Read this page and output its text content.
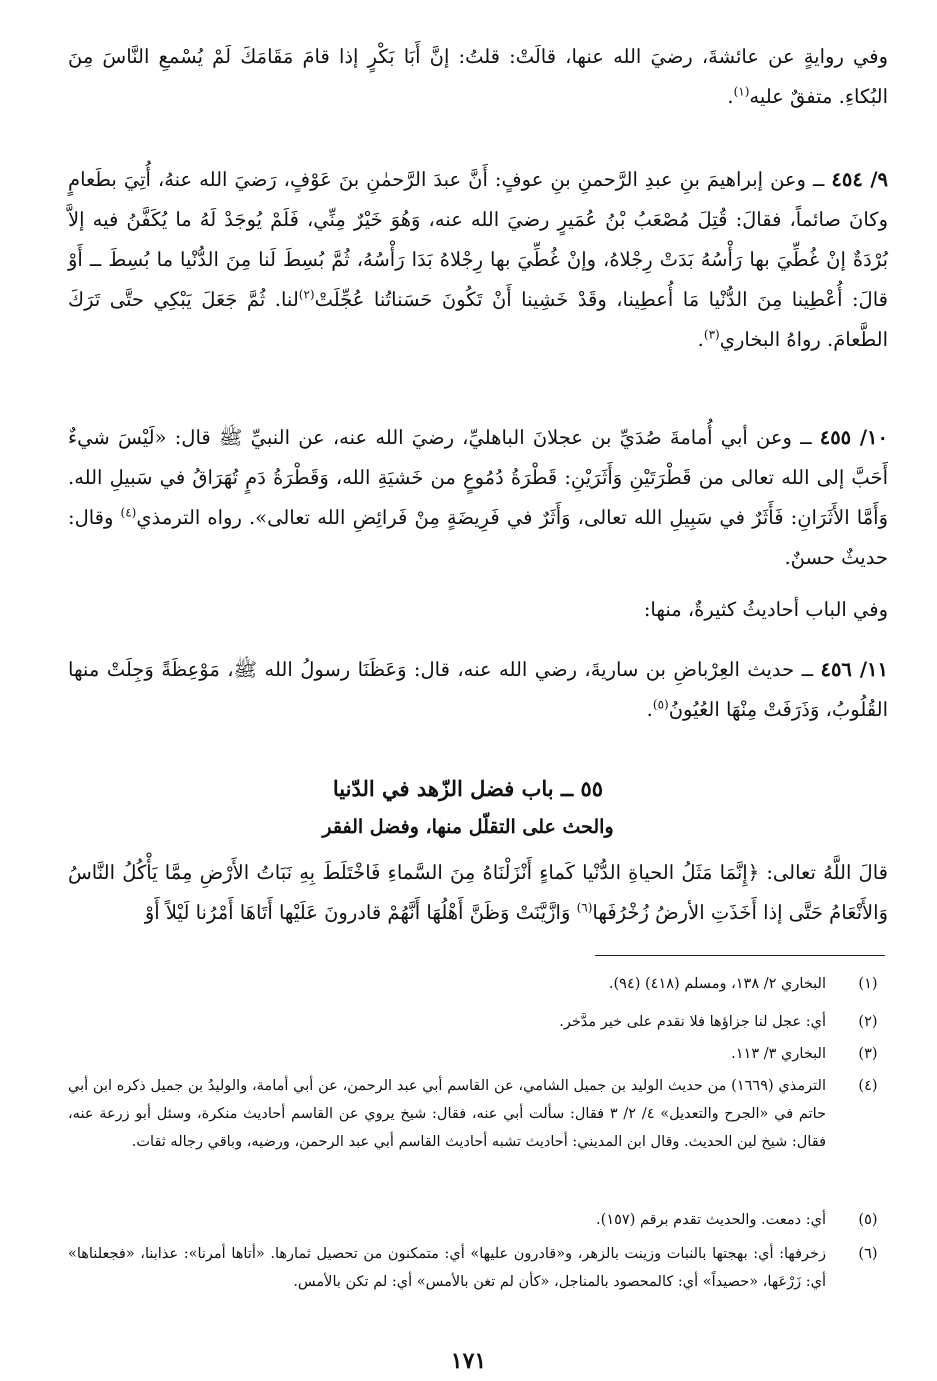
وفي روايةٍ عن عائشةَ، رضيَ الله عنها، قالَتْ: قلتُ: إنَّ أَبَا بَكْرٍ إذا قامَ مَقَامَكَ لَمْ يُسْمعِ النَّاسَ مِنَ البُكاءِ. متفقٌ عليه$^{(١)}$.
٩/ ٤٥٤ ــ وعن إبراهيمَ بنِ عبدِ الرَّحمنِ بنِ عوفٍ: أَنَّ عبدَ الرَّحمٰنِ بنَ عَوْفٍ، رَضيَ الله عنهُ، أُتِيَ بطَعامٍ وكانَ صائماً، فقالَ: قُتِلَ مُصْعَبُ بْنُ عُمَيرٍ رضيَ الله عنه، وَهُوَ خَيْرٌ مِنِّي، فَلَمْ يُوجَدْ لَهُ ما يُكَفَّنُ فيه إلاَّ بُرْدَةٌ إنْ غُطِّيَ بها رَأْسُهُ بَدَتْ رِجْلاهُ، وإنْ غُطِّيَ بها رِجْلاهُ بَدَا رَأْسُهُ، ثُمَّ بُسِطَ لَنا مِنَ الدُّنْيا ما بُسِطَ ــ أَوْ قالَ: أُعْطِينا مِنَ الدُّنْيا مَا أُعطِينا، وقَدْ خَشِينا أَنْ تَكُونَ حَسَناتُنا عُجِّلَتْ$^{(٢)}$لنا. ثُمَّ جَعَلَ يَبْكِي حتَّى تَرَكَ الطَّعامَ. رواهُ البخاري$^{(٣)}$.
١٠/ ٤٥٥ ــ وعن أبي أُمامةَ صُدَيِّ بن عجلانَ الباهليِّ، رضيَ الله عنه، عن النبيِّ ﷺ قال: «لَيْسَ شيءٌ أَحَبَّ إلى الله تعالى من قَطْرَتَيْنِ وَأَثَرَيْنِ: قَطْرَةُ دُمُوعٍ من خَشيَةِ الله، وَقَطْرَةُ دَمٍ تُهَرَاقُ في سَبيلِ الله. وَأَمَّا الأَثَرَانِ: فَأَثَرٌ في سَبِيلِ الله تعالى، وَأَثَرٌ في فَرِيضَةٍ مِنْ فَرائِضِ الله تعالى». رواه الترمذي$^{(٤)}$ وقال: حديثٌ حسنٌ.
وفي الباب أحاديثُ كثيرةٌ، منها:
١١/ ٤٥٦ ــ حديث العِرْباضِ بن ساريةَ، رضي الله عنه، قال: وَعَظَنَا رسولُ الله ﷺ، مَوْعِظَةً وَجِلَتْ منها القُلُوبُ، وَذَرَفَتْ مِنْهَا العُيُونُ$^{(٥)}$.
٥٥ ــ باب فضل الزّهد في الدّنيا
والحث على التقلّل منها، وفضل الفقر
قالَ اللَّهُ تعالى: ﴿إِنَّمَا مَثَلُ الحياةِ الدُّنْيا كَماءٍ أَنْزَلْنَاهُ مِنَ السَّماءِ فَاخْتَلَطَ بِهِ نَبَاتُ الأَرْضِ مِمَّا يَأْكُلُ النَّاسُ وَالأَنْعَامُ حَتَّى إذا أَخَذَتِ الأرضُ زُخْرُفَها$^{(٦)}$ وَازَّيَّنَتْ وَظَنَّ أَهْلُهَا أَنَّهُمْ قادرونَ عَلَيْها أَتَاهَا أَمْرُنا لَيْلاً أَوْ
(١)
البخاري ٢/ ١٣٨، ومسلم (٤١٨) (٩٤).
(٢)
أي: عجل لنا جزاؤها فلا نقدم على خير مدَّخر.
(٣)
البخاري ٣/ ١١٣.
(٤)
الترمذي (١٦٦٩) من حديث الوليد بن جميل الشامي، عن القاسم أبي عبد الرحمن، عن أبي أمامة، والوليدُ بن جميل ذكره ابن أبي حاتم في «الجرح والتعديل» ٤/ ٢/ ٣ فقال: سألت أبي عنه، فقال: شيخ يروي عن القاسم أحاديث منكرة، وسئل أبو زرعة عنه، فقال: شيخ لين الحديث. وقال ابن المديني: أحاديث تشبه أحاديث القاسم أبي عبد الرحمن، ورضيه، وباقي رجاله ثقات.
(٥)
أي: دمعت. والحديث تقدم برقم (١٥٧).
(٦)
زخرفها: أي: بهجتها بالنبات وزينت بالزهر، و«قادرون عليها» أي: متمكنون من تحصيل ثمارها. «أتاها أمرنا»: عذابنا، «فجعلناها» أي: زَرْعَها، «حصيداً» أي: كالمحصود بالمناجل، «كأن لم تغن بالأمس» أي: لم تكن بالأمس.
١٧١
